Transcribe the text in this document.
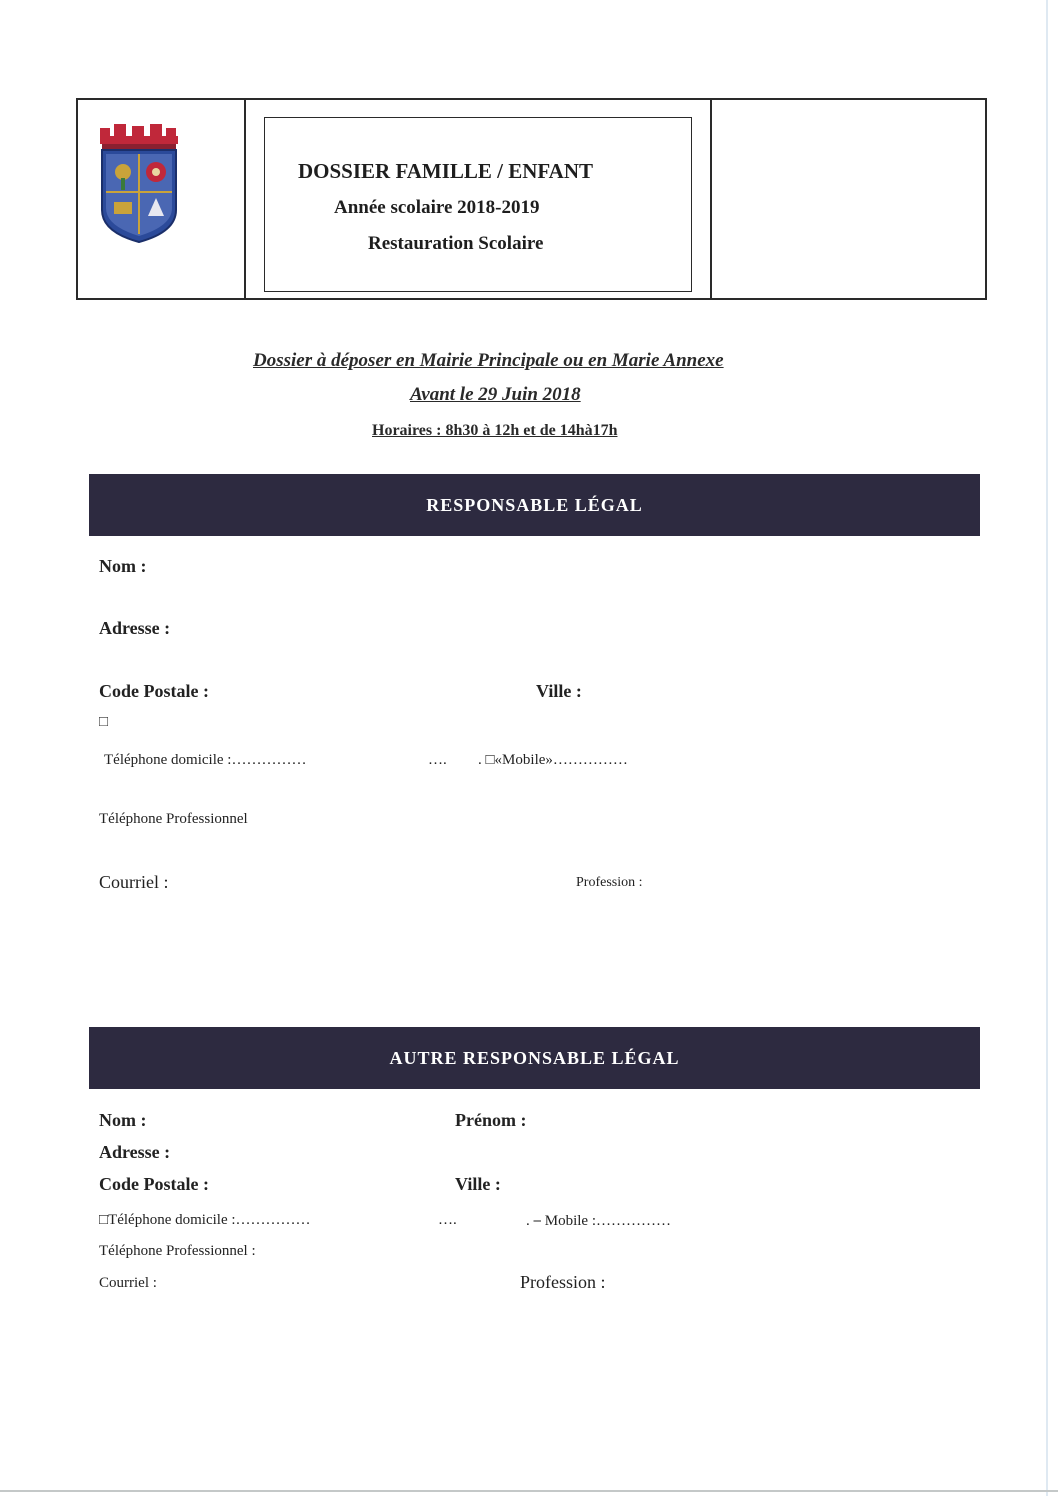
DOSSIER FAMILLE / ENFANT
Année scolaire 2018-2019
Restauration Scolaire
Dossier à déposer en Mairie Principale ou en Marie Annexe
Avant le 29 Juin 2018
Horaires : 8h30 à 12h et de 14hà17h
RESPONSABLE LÉGAL
Nom :
Adresse :
Code Postale :	Ville :
□
Téléphone domicile :……………	…. . □«Mobile»……………
Téléphone Professionnel
Courriel :	Profession :
AUTRE RESPONSABLE LÉGAL
Nom :	Prénom :
Adresse :
Code Postale :	Ville :
□Téléphone domicile :……………	….	. ⎯ Mobile :……………
Téléphone Professionnel :
Courriel :	Profession :
